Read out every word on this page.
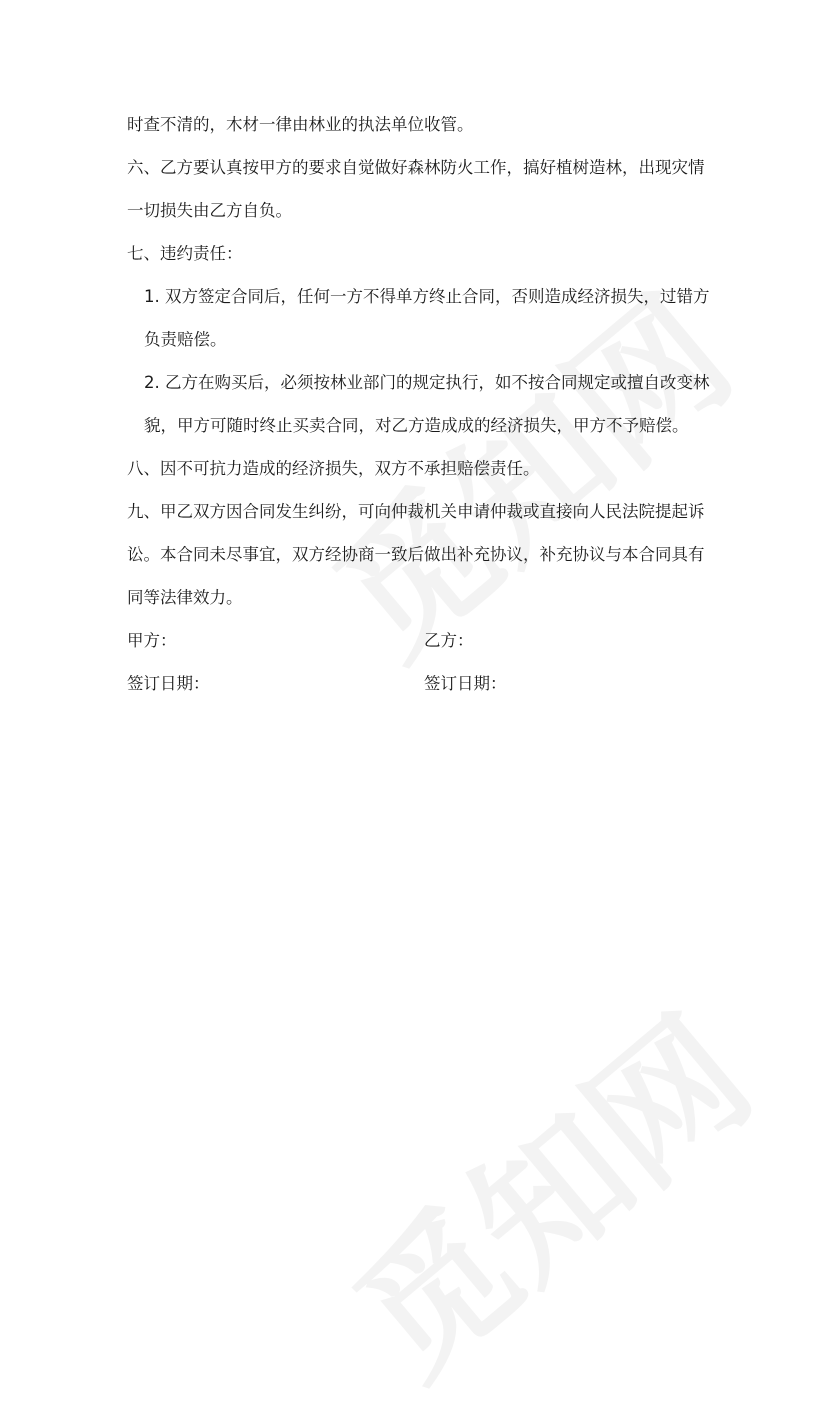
时查不清的，木材一律由林业的执法单位收管。

六、乙方要认真按甲方的要求自觉做好森林防火工作，搞好植树造林，出现灾情一切损失由乙方自负。

七、违约责任：

1. 双方签定合同后，任何一方不得单方终止合同，否则造成经济损失，过错方负责赔偿。

2. 乙方在购买后，必须按林业部门的规定执行，如不按合同规定或擅自改变林貌，甲方可随时终止买卖合同，对乙方造成成的经济损失，甲方不予赔偿。

八、因不可抗力造成的经济损失，双方不承担赔偿责任。

九、甲乙双方因合同发生纠纷，可向仲裁机关申请仲裁或直接向人民法院提起诉讼。本合同未尽事宜，双方经协商一致后做出补充协议，补充协议与本合同具有同等法律效力。

甲方：	乙方：
签订日期：	签订日期：
